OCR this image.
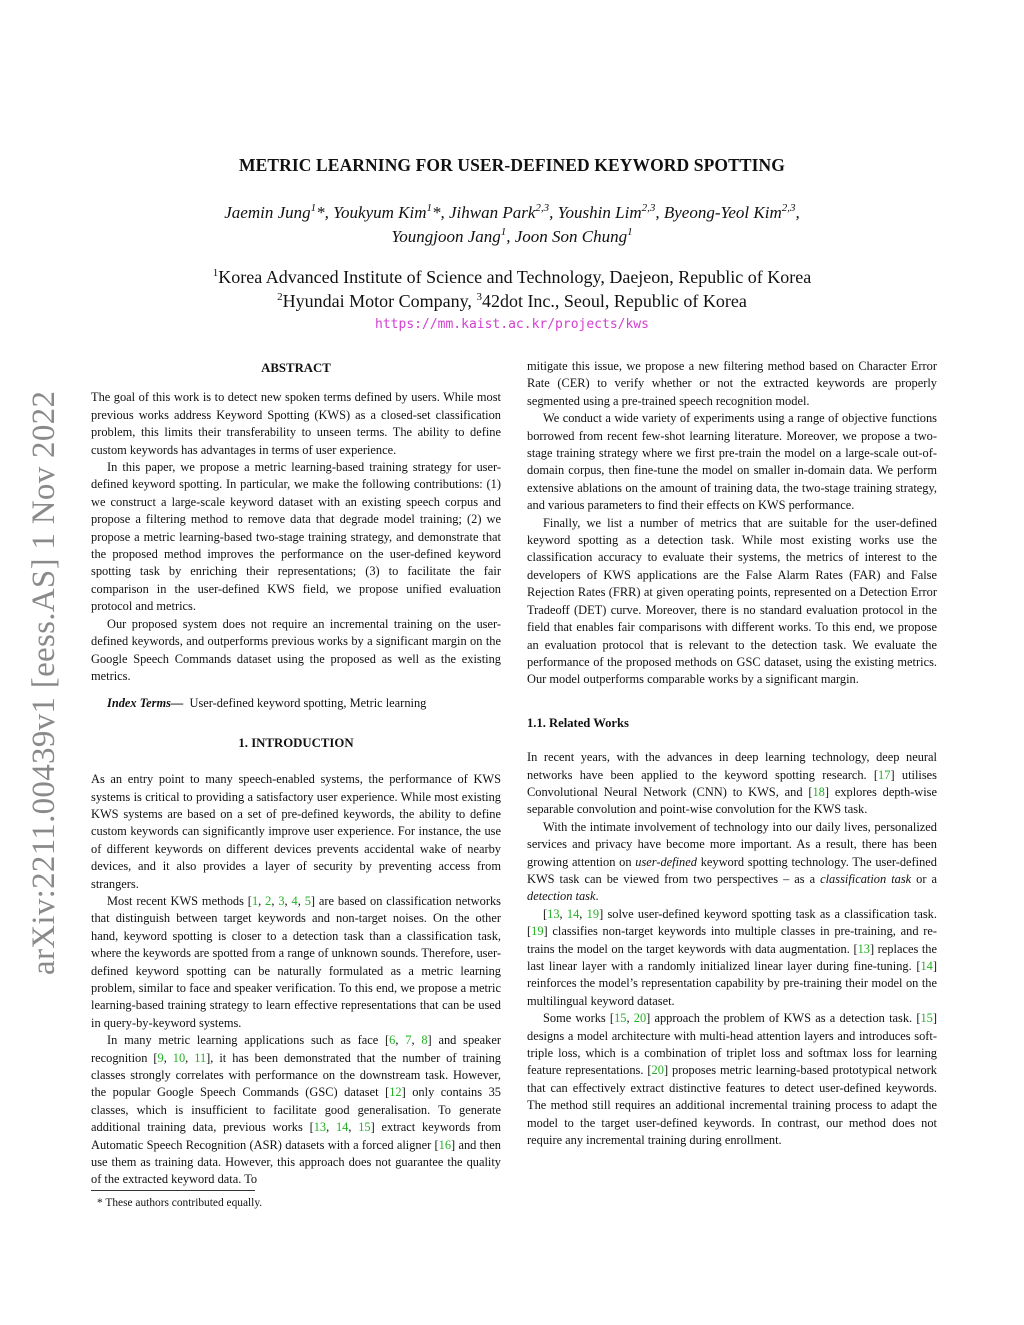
arXiv:2211.00439v1 [eess.AS] 1 Nov 2022
METRIC LEARNING FOR USER-DEFINED KEYWORD SPOTTING
Jaemin Jung$^1$*, Youkyum Kim$^1$*, Jihwan Park$^{2,3}$, Youshin Lim$^{2,3}$, Byeong-Yeol Kim$^{2,3}$,
Youngjoon Jang$^1$, Joon Son Chung$^1$
$^1$Korea Advanced Institute of Science and Technology, Daejeon, Republic of Korea
$^2$Hyundai Motor Company, $^3$42dot Inc., Seoul, Republic of Korea
https://mm.kaist.ac.kr/projects/kws
ABSTRACT

The goal of this work is to detect new spoken terms defined by users. While most previous works address Keyword Spotting (KWS) as a closed-set classification problem, this limits their transferability to unseen terms. The ability to define custom keywords has advantages in terms of user experience.

In this paper, we propose a metric learning-based training strategy for user-defined keyword spotting. In particular, we make the following contributions: (1) we construct a large-scale keyword dataset with an existing speech corpus and propose a filtering method to remove data that degrade model training; (2) we propose a metric learning-based two-stage training strategy, and demonstrate that the proposed method improves the performance on the user-defined keyword spotting task by enriching their representations; (3) to facilitate the fair comparison in the user-defined KWS field, we propose unified evaluation protocol and metrics.

Our proposed system does not require an incremental training on the user-defined keywords, and outperforms previous works by a significant margin on the Google Speech Commands dataset using the proposed as well as the existing metrics.

Index Terms— User-defined keyword spotting, Metric learning

1. INTRODUCTION

As an entry point to many speech-enabled systems, the performance of KWS systems is critical to providing a satisfactory user experience. While most existing KWS systems are based on a set of pre-defined keywords, the ability to define custom keywords can significantly improve user experience. For instance, the use of different keywords on different devices prevents accidental wake of nearby devices, and it also provides a layer of security by preventing access from strangers.

Most recent KWS methods [1, 2, 3, 4, 5] are based on classification networks that distinguish between target keywords and non-target noises. On the other hand, keyword spotting is closer to a detection task than a classification task, where the keywords are spotted from a range of unknown sounds. Therefore, user-defined keyword spotting can be naturally formulated as a metric learning problem, similar to face and speaker verification. To this end, we propose a metric learning-based training strategy to learn effective representations that can be used in query-by-keyword systems.

In many metric learning applications such as face [6, 7, 8] and speaker recognition [9, 10, 11], it has been demonstrated that the number of training classes strongly correlates with performance on the downstream task. However, the popular Google Speech Commands (GSC) dataset [12] only contains 35 classes, which is insufficient to facilitate good generalisation. To generate additional training data, previous works [13, 14, 15] extract keywords from Automatic Speech Recognition (ASR) datasets with a forced aligner [16] and then use them as training data. However, this approach does not guarantee the quality of the extracted keyword data. To

* These authors contributed equally.

mitigate this issue, we propose a new filtering method based on Character Error Rate (CER) to verify whether or not the extracted keywords are properly segmented using a pre-trained speech recognition model.

We conduct a wide variety of experiments using a range of objective functions borrowed from recent few-shot learning literature. Moreover, we propose a two-stage training strategy where we first pre-train the model on a large-scale out-of-domain corpus, then fine-tune the model on smaller in-domain data. We perform extensive ablations on the amount of training data, the two-stage training strategy, and various parameters to find their effects on KWS performance.

Finally, we list a number of metrics that are suitable for the user-defined keyword spotting as a detection task. While most existing works use the classification accuracy to evaluate their systems, the metrics of interest to the developers of KWS applications are the False Alarm Rates (FAR) and False Rejection Rates (FRR) at given operating points, represented on a Detection Error Tradeoff (DET) curve. Moreover, there is no standard evaluation protocol in the field that enables fair comparisons with different works. To this end, we propose an evaluation protocol that is relevant to the detection task. We evaluate the performance of the proposed methods on GSC dataset, using the existing metrics. Our model outperforms comparable works by a significant margin.

1.1. Related Works

In recent years, with the advances in deep learning technology, deep neural networks have been applied to the keyword spotting research. [17] utilises Convolutional Neural Network (CNN) to KWS, and [18] explores depth-wise separable convolution and point-wise convolution for the KWS task.

With the intimate involvement of technology into our daily lives, personalized services and privacy have become more important. As a result, there has been growing attention on user-defined keyword spotting technology. The user-defined KWS task can be viewed from two perspectives – as a classification task or a detection task.

[13, 14, 19] solve user-defined keyword spotting task as a classification task. [19] classifies non-target keywords into multiple classes in pre-training, and re-trains the model on the target keywords with data augmentation. [13] replaces the last linear layer with a randomly initialized linear layer during fine-tuning. [14] reinforces the model’s representation capability by pre-training their model on the multilingual keyword dataset.

Some works [15, 20] approach the problem of KWS as a detection task. [15] designs a model architecture with multi-head attention layers and introduces soft-triple loss, which is a combination of triplet loss and softmax loss for learning feature representations. [20] proposes metric learning-based prototypical network that can effectively extract distinctive features to detect user-defined keywords. The method still requires an additional incremental training process to adapt the model to the target user-defined keywords. In contrast, our method does not require any incremental training during enrollment.
